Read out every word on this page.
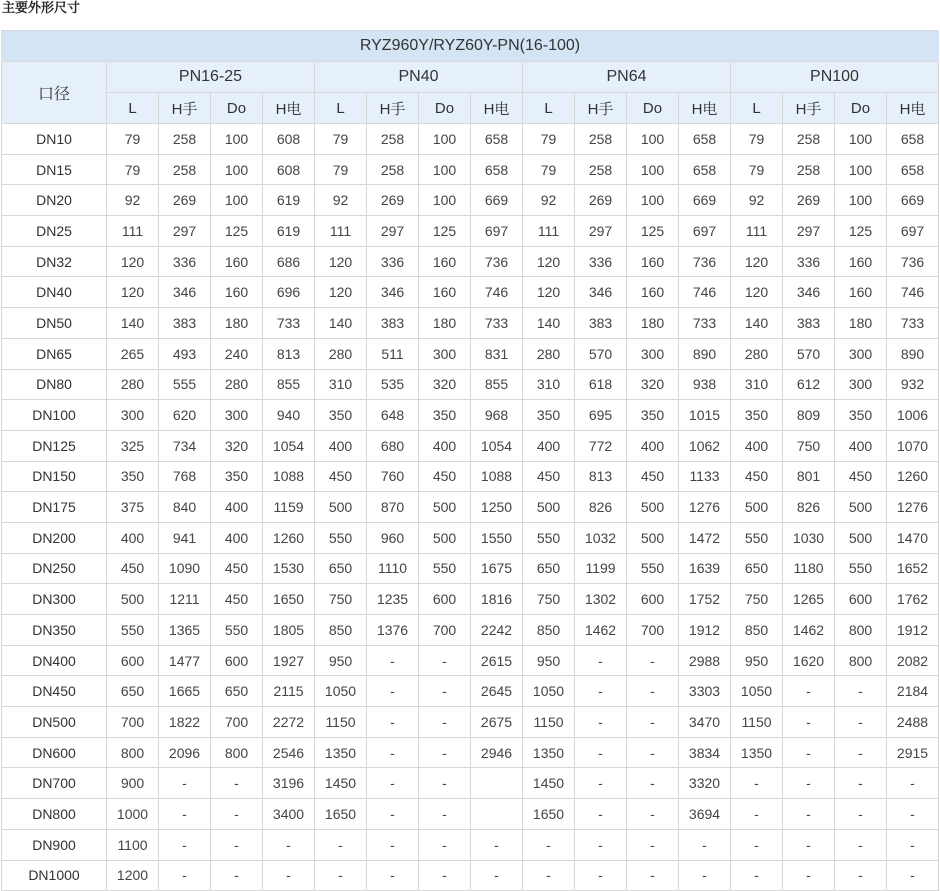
主要外形尺寸
RYZ960Y/RYZ60Y-PN(16-100)																
口径	PN16-25				PN40				PN64				PN100			
	L	H手	Do	H电	L	H手	Do	H电	L	H手	Do	H电	L	H手	Do	H电
DN10	79	258	100	608	79	258	100	658	79	258	100	658	79	258	100	658
DN15	79	258	100	608	79	258	100	658	79	258	100	658	79	258	100	658
DN20	92	269	100	619	92	269	100	669	92	269	100	669	92	269	100	669
DN25	111	297	125	619	111	297	125	697	111	297	125	697	111	297	125	697
DN32	120	336	160	686	120	336	160	736	120	336	160	736	120	336	160	736
DN40	120	346	160	696	120	346	160	746	120	346	160	746	120	346	160	746
DN50	140	383	180	733	140	383	180	733	140	383	180	733	140	383	180	733
DN65	265	493	240	813	280	511	300	831	280	570	300	890	280	570	300	890
DN80	280	555	280	855	310	535	320	855	310	618	320	938	310	612	300	932
DN100	300	620	300	940	350	648	350	968	350	695	350	1015	350	809	350	1006
DN125	325	734	320	1054	400	680	400	1054	400	772	400	1062	400	750	400	1070
DN150	350	768	350	1088	450	760	450	1088	450	813	450	1133	450	801	450	1260
DN175	375	840	400	1159	500	870	500	1250	500	826	500	1276	500	826	500	1276
DN200	400	941	400	1260	550	960	500	1550	550	1032	500	1472	550	1030	500	1470
DN250	450	1090	450	1530	650	1110	550	1675	650	1199	550	1639	650	1180	550	1652
DN300	500	1211	450	1650	750	1235	600	1816	750	1302	600	1752	750	1265	600	1762
DN350	550	1365	550	1805	850	1376	700	2242	850	1462	700	1912	850	1462	800	1912
DN400	600	1477	600	1927	950	-	-	2615	950	-	-	2988	950	1620	800	2082
DN450	650	1665	650	2115	1050	-	-	2645	1050	-	-	3303	1050	-	-	2184
DN500	700	1822	700	2272	1150	-	-	2675	1150	-	-	3470	1150	-	-	2488
DN600	800	2096	800	2546	1350	-	-	2946	1350	-	-	3834	1350	-	-	2915
DN700	900	-	-	3196	1450	-	-		1450	-	-	3320	-	-	-	-
DN800	1000	-	-	3400	1650	-	-		1650	-	-	3694	-	-	-	-
DN900	1100	-	-	-	-	-	-	-	-	-	-	-	-	-	-	-
DN1000	1200	-	-	-	-	-	-	-	-	-	-	-	-	-	-	-
